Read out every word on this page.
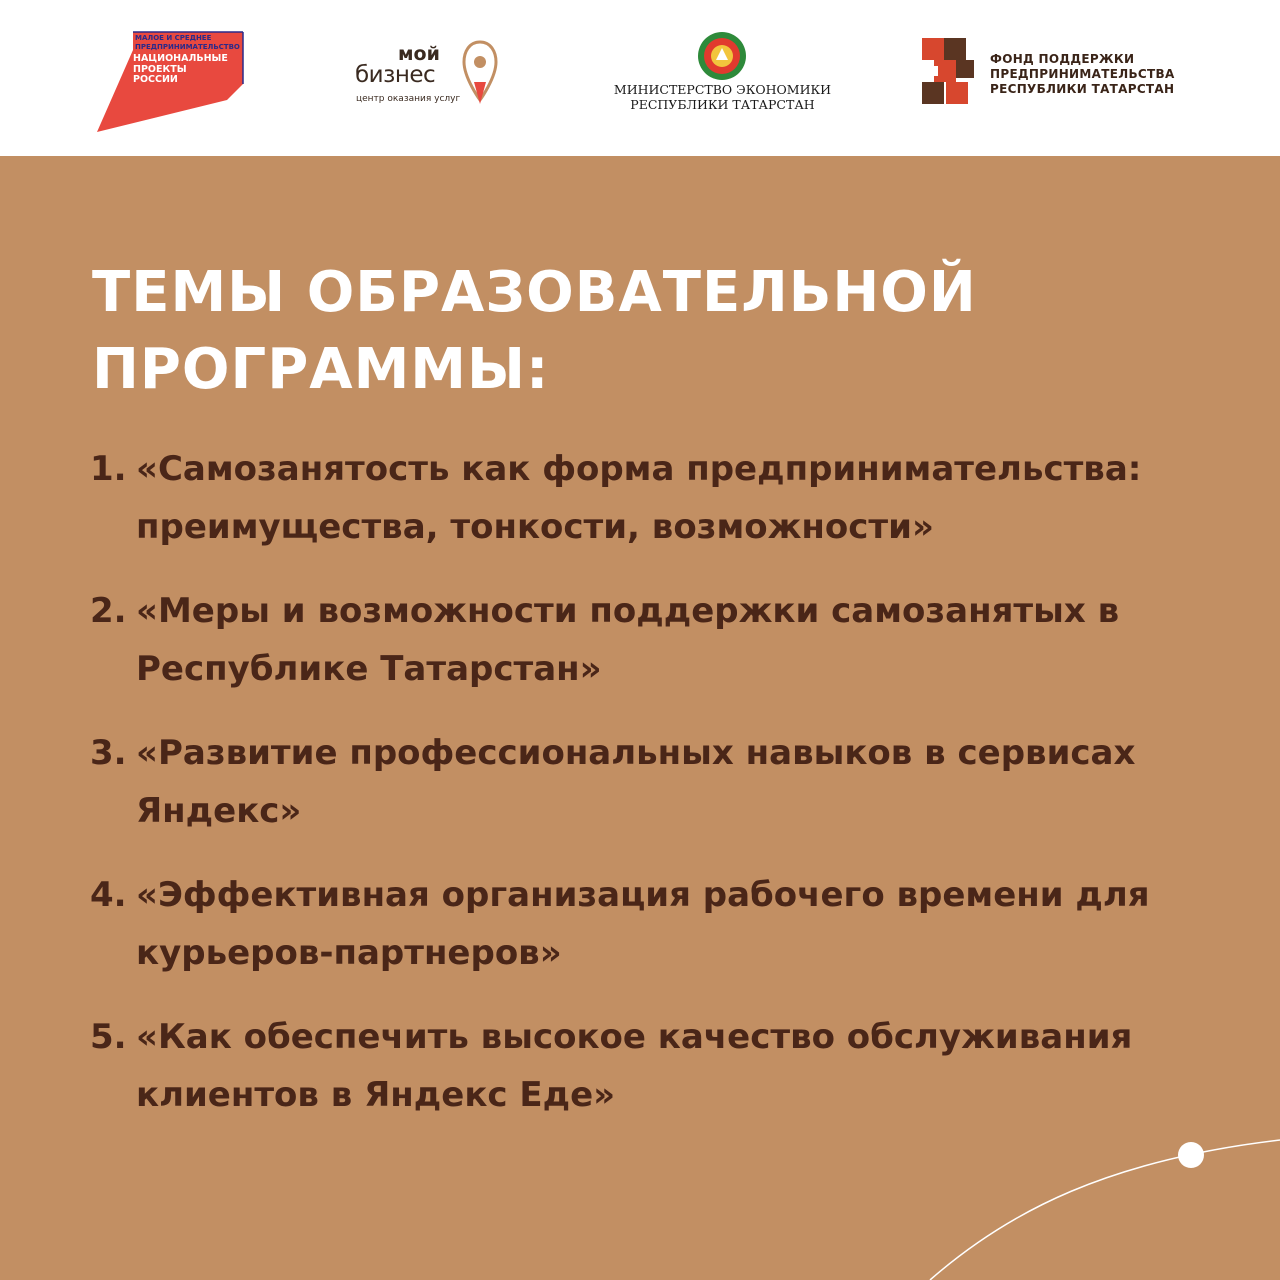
МАЛОЕ И СРЕДНЕЕ ПРЕДПРИНИМАТЕЛЬСТВО
НАЦИОНАЛЬНЫЕ ПРОЕКТЫ РОССИИ
мой
бизнес
центр оказания услуг
МИНИСТЕРСТВО ЭКОНОМИКИ
РЕСПУБЛИКИ ТАТАРСТАН
ФОНД ПОДДЕРЖКИ
ПРЕДПРИНИМАТЕЛЬСТВА
РЕСПУБЛИКИ ТАТАРСТАН
ТЕМЫ ОБРАЗОВАТЕЛЬНОЙ
ПРОГРАММЫ:
1. «Самозанятость как форма предпринимательства: преимущества, тонкости, возможности»
2. «Меры и возможности поддержки самозанятых в Республике Татарстан»
3. «Развитие профессиональных навыков в сервисах Яндекс»
4. «Эффективная организация рабочего времени для курьеров-партнеров»
5. «Как обеспечить высокое качество обслуживания клиентов в Яндекс Еде»
